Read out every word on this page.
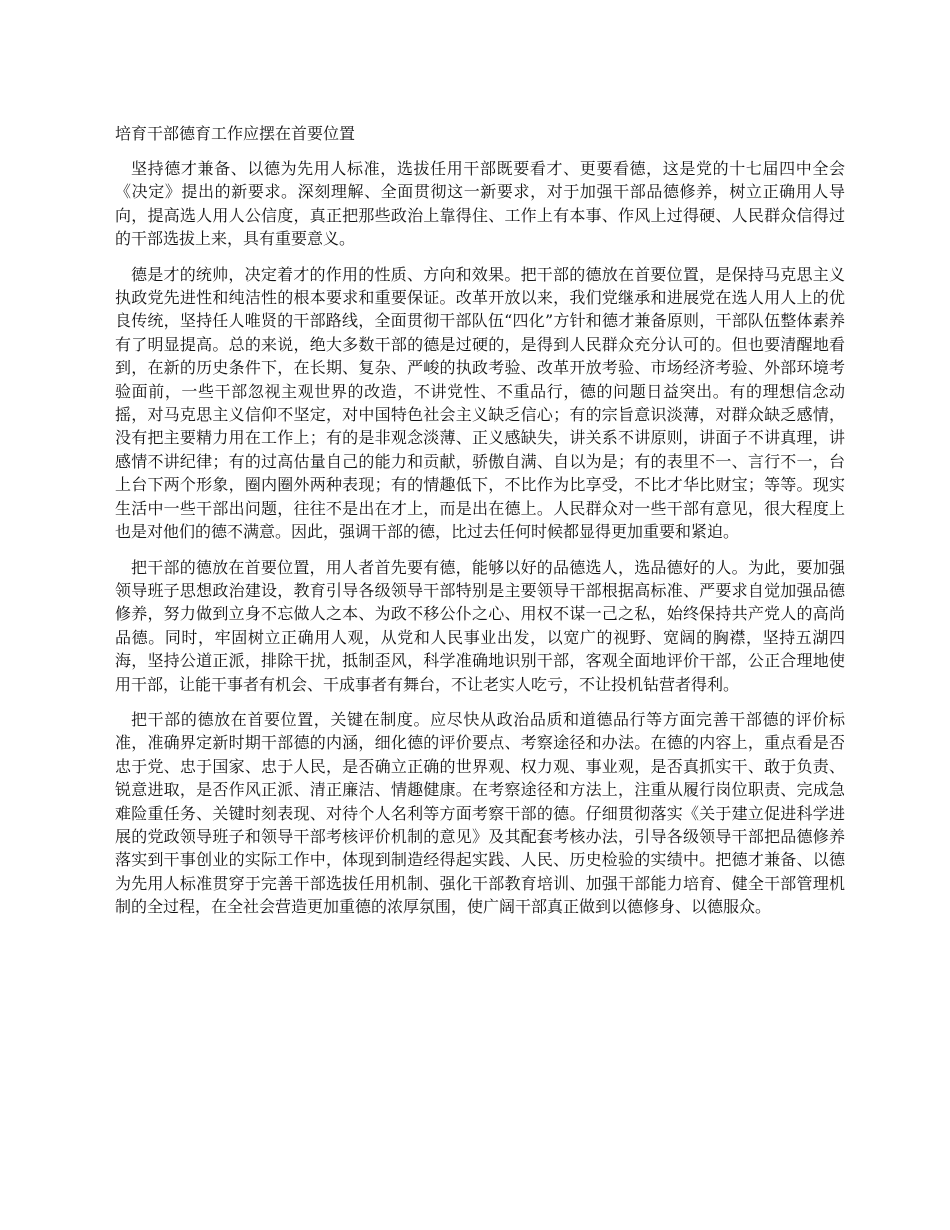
培育干部德育工作应摆在首要位置

坚持德才兼备、以德为先用人标准，选拔任用干部既要看才、更要看德，这是党的十七届四中全会《决定》提出的新要求。深刻理解、全面贯彻这一新要求，对于加强干部品德修养，树立正确用人导向，提高选人用人公信度，真正把那些政治上靠得住、工作上有本事、作风上过得硬、人民群众信得过的干部选拔上来，具有重要意义。

德是才的统帅，决定着才的作用的性质、方向和效果。把干部的德放在首要位置，是保持马克思主义执政党先进性和纯洁性的根本要求和重要保证。改革开放以来，我们党继承和进展党在选人用人上的优良传统，坚持任人唯贤的干部路线，全面贯彻干部队伍“四化”方针和德才兼备原则，干部队伍整体素养有了明显提高。总的来说，绝大多数干部的德是过硬的，是得到人民群众充分认可的。但也要清醒地看到，在新的历史条件下，在长期、复杂、严峻的执政考验、改革开放考验、市场经济考验、外部环境考验面前，一些干部忽视主观世界的改造，不讲党性、不重品行，德的问题日益突出。有的理想信念动摇，对马克思主义信仰不坚定，对中国特色社会主义缺乏信心；有的宗旨意识淡薄，对群众缺乏感情，没有把主要精力用在工作上；有的是非观念淡薄、正义感缺失，讲关系不讲原则，讲面子不讲真理，讲感情不讲纪律；有的过高估量自己的能力和贡献，骄傲自满、自以为是；有的表里不一、言行不一，台上台下两个形象，圈内圈外两种表现；有的情趣低下，不比作为比享受，不比才华比财宝；等等。现实生活中一些干部出问题，往往不是出在才上，而是出在德上。人民群众对一些干部有意见，很大程度上也是对他们的德不满意。因此，强调干部的德，比过去任何时候都显得更加重要和紧迫。

把干部的德放在首要位置，用人者首先要有德，能够以好的品德选人，选品德好的人。为此，要加强领导班子思想政治建设，教育引导各级领导干部特别是主要领导干部根据高标准、严要求自觉加强品德修养，努力做到立身不忘做人之本、为政不移公仆之心、用权不谋一己之私，始终保持共产党人的高尚品德。同时，牢固树立正确用人观，从党和人民事业出发，以宽广的视野、宽阔的胸襟，坚持五湖四海，坚持公道正派，排除干扰，抵制歪风，科学准确地识别干部，客观全面地评价干部，公正合理地使用干部，让能干事者有机会、干成事者有舞台，不让老实人吃亏，不让投机钻营者得利。

把干部的德放在首要位置，关键在制度。应尽快从政治品质和道德品行等方面完善干部德的评价标准，准确界定新时期干部德的内涵，细化德的评价要点、考察途径和办法。在德的内容上，重点看是否忠于党、忠于国家、忠于人民，是否确立正确的世界观、权力观、事业观，是否真抓实干、敢于负责、锐意进取，是否作风正派、清正廉洁、情趣健康。在考察途径和方法上，注重从履行岗位职责、完成急难险重任务、关键时刻表现、对待个人名利等方面考察干部的德。仔细贯彻落实《关于建立促进科学进展的党政领导班子和领导干部考核评价机制的意见》及其配套考核办法，引导各级领导干部把品德修养落实到干事创业的实际工作中，体现到制造经得起实践、人民、历史检验的实绩中。把德才兼备、以德为先用人标准贯穿于完善干部选拔任用机制、强化干部教育培训、加强干部能力培育、健全干部管理机制的全过程，在全社会营造更加重德的浓厚氛围，使广阔干部真正做到以德修身、以德服众。
